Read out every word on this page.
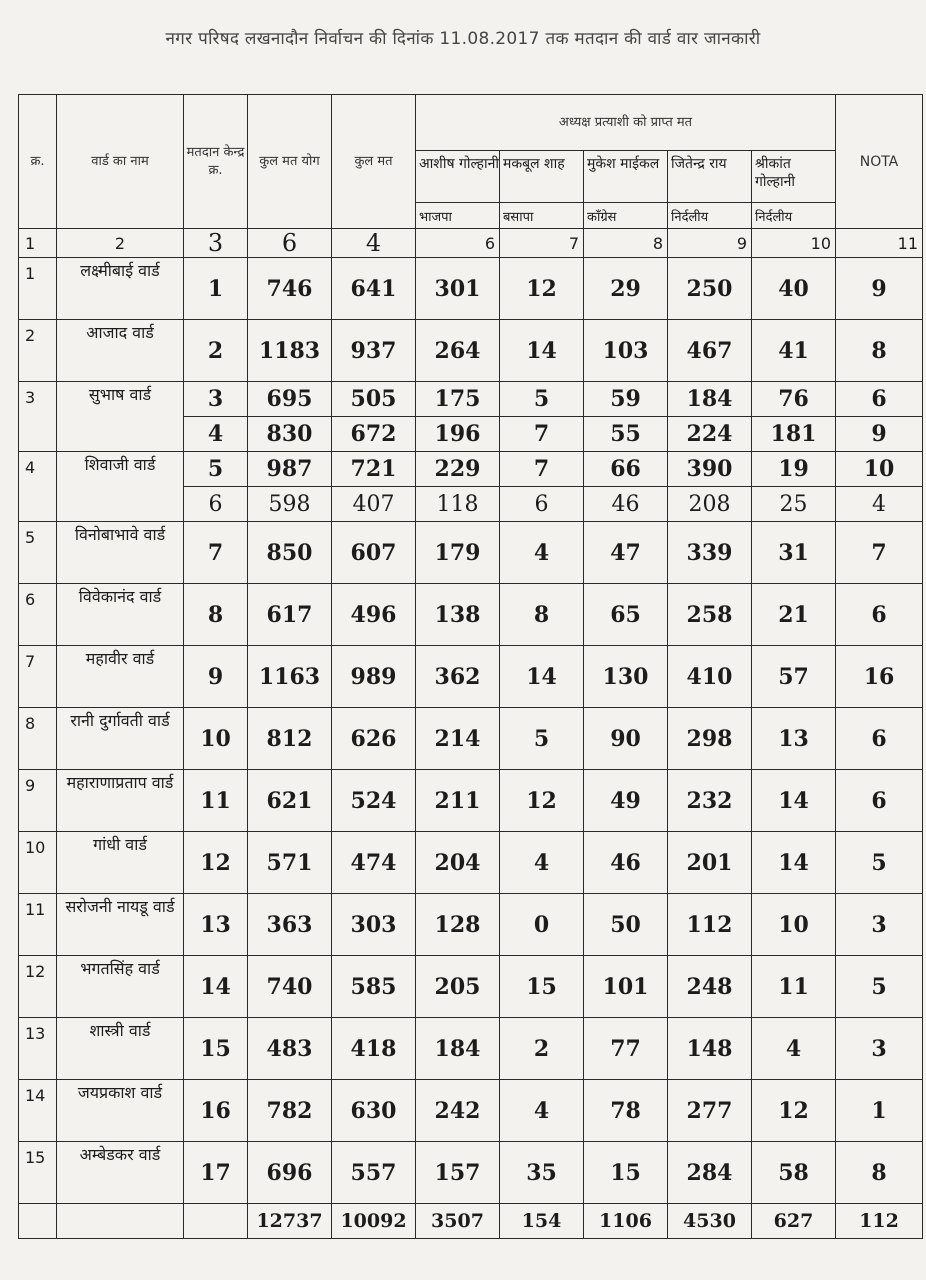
नगर परिषद लखनादौन निर्वाचन की दिनांक 11.08.2017 तक मतदान की वार्ड वार जानकारी
क्र.	वार्ड का नाम	मतदान केन्द्र क्र.	कुल मत योग	कुल मत	अध्यक्ष प्रत्याशी को प्राप्त मत					NOTA
					आशीष गोल्हानी	मकबूल शाह	मुकेश माईकल	जितेन्द्र राय	श्रीकांत गोल्हानी	
					भाजपा	बसापा	कॉंग्रेस	निर्दलीय	निर्दलीय	
1	2	3	6	4	6	7	8	9	10	11
1	लक्ष्मीबाई वार्ड	1	746	641	301	12	29	250	40	9
2	आजाद वार्ड	2	1183	937	264	14	103	467	41	8
3	सुभाष वार्ड	3	695	505	175	5	59	184	76	6
		4	830	672	196	7	55	224	181	9
4	शिवाजी वार्ड	5	987	721	229	7	66	390	19	10
		6	598	407	118	6	46	208	25	4
5	विनोबाभावे वार्ड	7	850	607	179	4	47	339	31	7
6	विवेकानंद वार्ड	8	617	496	138	8	65	258	21	6
7	महावीर वार्ड	9	1163	989	362	14	130	410	57	16
8	रानी दुर्गावती वार्ड	10	812	626	214	5	90	298	13	6
9	महाराणाप्रताप वार्ड	11	621	524	211	12	49	232	14	6
10	गांधी वार्ड	12	571	474	204	4	46	201	14	5
11	सरोजनी नायडू वार्ड	13	363	303	128	0	50	112	10	3
12	भगतसिंह वार्ड	14	740	585	205	15	101	248	11	5
13	शास्त्री वार्ड	15	483	418	184	2	77	148	4	3
14	जयप्रकाश वार्ड	16	782	630	242	4	78	277	12	1
15	अम्बेडकर वार्ड	17	696	557	157	35	15	284	58	8
			12737	10092	3507	154	1106	4530	627	112
